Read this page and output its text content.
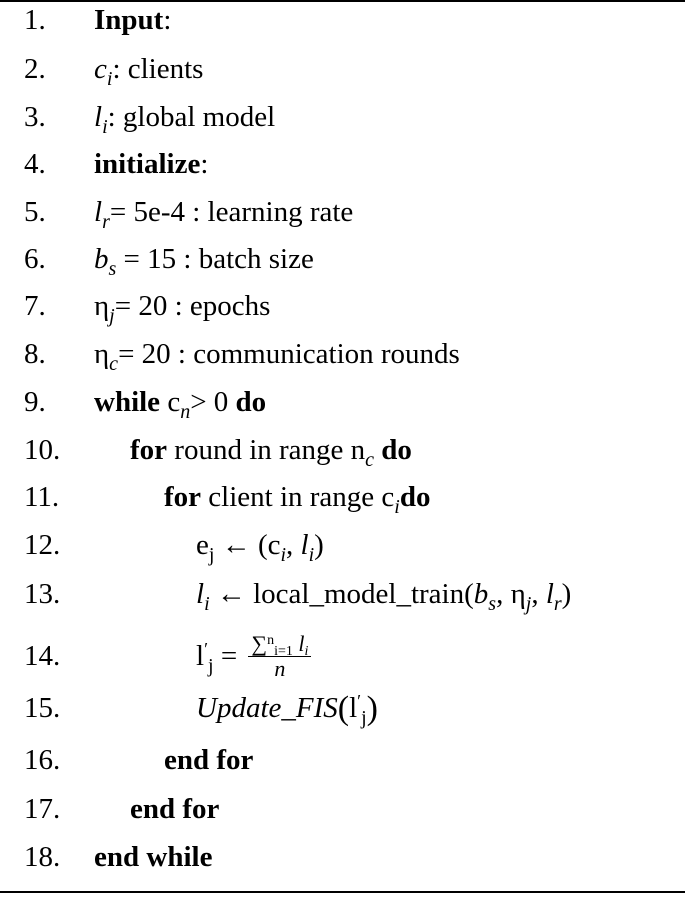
1. Input:
2. $c_i$: clients
3. $l_i$: global model
4. initialize:
5. $l_r= 5e-4$ : learning rate
6. $b_s = 15$ : batch size
7. $\eta_j= 20$ : epochs
8. $\eta_c= 20$ : communication rounds
9. while $c_n> 0$ do
10. for round in range $n_c$ do
11.	for client in range $c_ido$
12.	$e_j$ ← ($c_i$, $l_i$)
13.	$l_i$ ← $local\_model\_train(b_s$, $\eta_j$, $l_r$)
14.	$l'_j = \frac{\sum^n_{i=1} l_i}{n}$
15.	$Update\_FIS(l'_j)$
16.	end for
17. end for
18. end while
